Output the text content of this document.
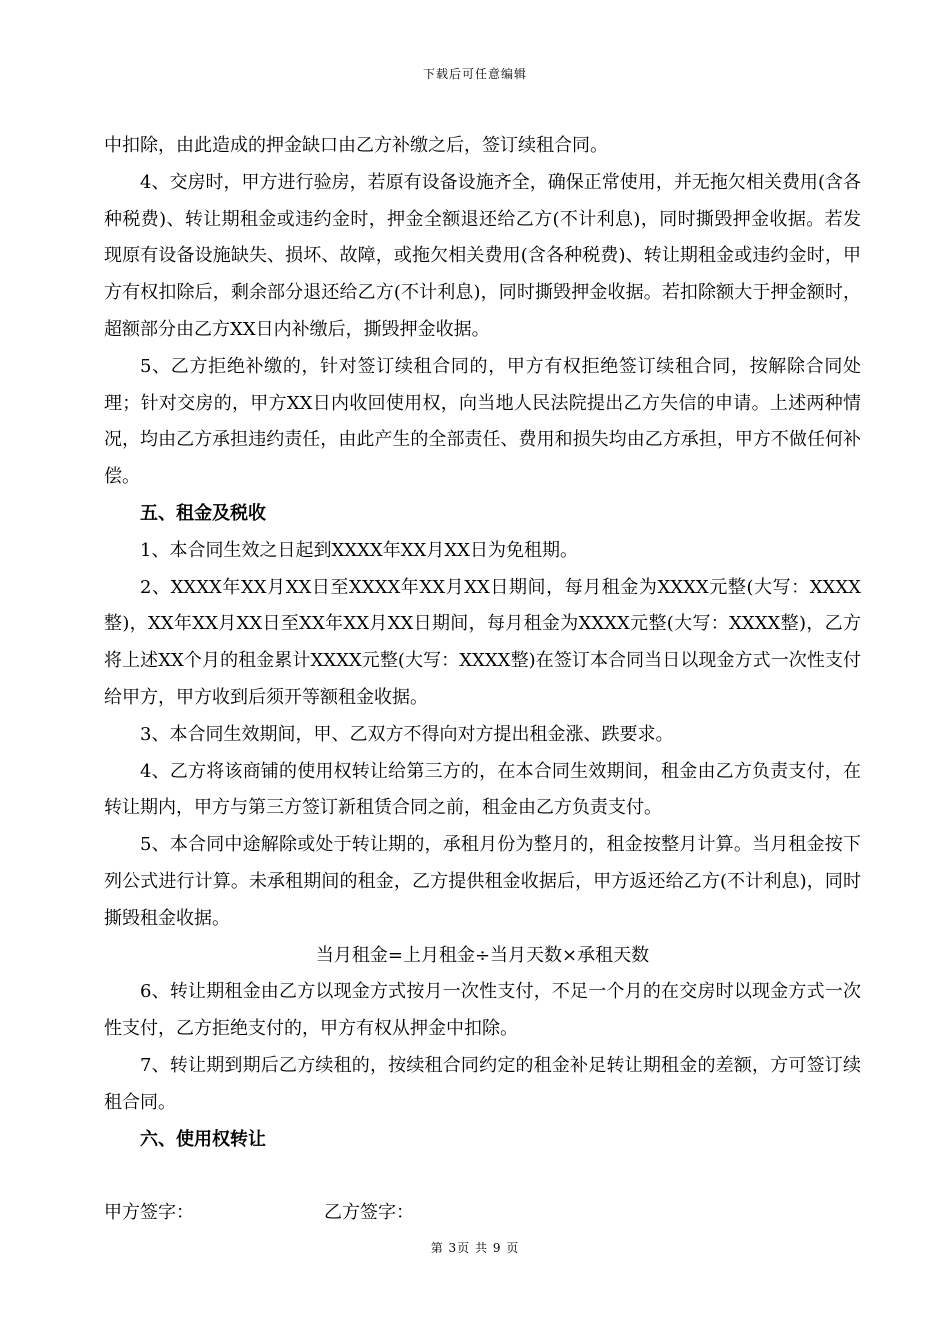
下载后可任意编辑

中扣除，由此造成的押金缺口由乙方补缴之后，签订续租合同。

4、交房时，甲方进行验房，若原有设备设施齐全，确保正常使用，并无拖欠相关费用(含各种税费)、转让期租金或违约金时，押金全额退还给乙方(不计利息)，同时撕毁押金收据。若发现原有设备设施缺失、损坏、故障，或拖欠相关费用(含各种税费)、转让期租金或违约金时，甲方有权扣除后，剩余部分退还给乙方(不计利息)，同时撕毁押金收据。若扣除额大于押金额时，超额部分由乙方XX日内补缴后，撕毁押金收据。

5、乙方拒绝补缴的，针对签订续租合同的，甲方有权拒绝签订续租合同，按解除合同处理；针对交房的，甲方XX日内收回使用权，向当地人民法院提出乙方失信的申请。上述两种情况，均由乙方承担违约责任，由此产生的全部责任、费用和损失均由乙方承担，甲方不做任何补偿。

五、租金及税收

1、本合同生效之日起到XXXX年XX月XX日为免租期。

2、XXXX年XX月XX日至XXXX年XX月XX日期间，每月租金为XXXX元整(大写：XXXX整)，XX年XX月XX日至XX年XX月XX日期间，每月租金为XXXX元整(大写：XXXX整)，乙方将上述XX个月的租金累计XXXX元整(大写：XXXX整)在签订本合同当日以现金方式一次性支付给甲方，甲方收到后须开等额租金收据。

3、本合同生效期间，甲、乙双方不得向对方提出租金涨、跌要求。

4、乙方将该商铺的使用权转让给第三方的，在本合同生效期间，租金由乙方负责支付，在转让期内，甲方与第三方签订新租赁合同之前，租金由乙方负责支付。

5、本合同中途解除或处于转让期的，承租月份为整月的，租金按整月计算。当月租金按下列公式进行计算。未承租期间的租金，乙方提供租金收据后，甲方返还给乙方(不计利息)，同时撕毁租金收据。

当月租金=上月租金÷当月天数×承租天数

6、转让期租金由乙方以现金方式按月一次性支付，不足一个月的在交房时以现金方式一次性支付，乙方拒绝支付的，甲方有权从押金中扣除。

7、转让期到期后乙方续租的，按续租合同约定的租金补足转让期租金的差额，方可签订续租合同。

六、使用权转让

甲方签字：	乙方签字：
第 3页 共 9 页
